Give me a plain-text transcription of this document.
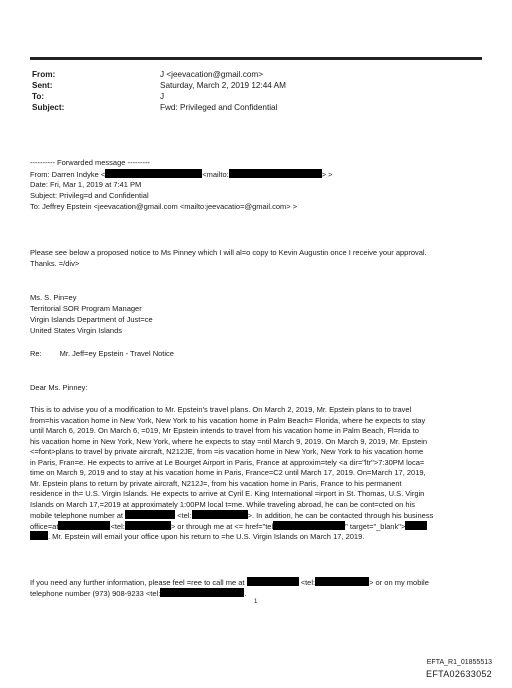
From:	J <jeevacation@gmail.com>
Sent:	Saturday, March 2, 2019 12:44 AM
To:	J
Subject:	Fwd: Privileged and Confidential
---------- Forwarded message ---------
From: Darren Indyke <	<mailto:	> >
Date: Fri, Mar 1, 2019 at 7:41 PM
Subject: Privileg=d and Confidential
To: Jeffrey Epstein <jeevacation@gmail.com <mailto:jeevacatio=@gmail.com> >
Please see below a proposed notice to Ms Pinney which I will al=o copy to Kevin Augustin once I receive your approval.
Thanks. =/div>
Ms. S. Pin=ey
Territorial SOR Program Manager
Virgin Islands Department of Just=ce
United States Virgin Islands
Re: Mr. Jeff=ey Epstein - Travel Notice
Dear Ms. Pinney:
This is to advise you of a modification to Mr. Epstein's travel plans. On March 2, 2019, Mr. Epstein plans to to travel
from=his vacation home in New York, New York to his vacation home in Palm Beach= Florida, where he expects to stay
until March 6, 2019. On March 6, =019, Mr Epstein intends to travel from his vacation home in Palm Beach, Fl=rida to
his vacation home in New York, New York, where he expects to stay =ntil March 9, 2019. On March 9, 2019, Mr. Epstein
<=font>plans to travel by private aircraft, N212JE, from =is vacation home in New York, New York to his vacation home
in Paris, Fran=e. He expects to arrive at Le Bourget Airport in Paris, France at approxim=tely <a dir="ltr">7:30PM loca=
time on March 9, 2019 and to stay at his vacation home in Paris, France=C2 until March 17, 2019. On=March 17, 2019,
Mr. Epstein plans to return by private aircraft, N212J=, from his vacation home in Paris, France to his permanent
residence in th= U.S. Virgin Islands. He expects to arrive at Cyril E. King International =irport in St. Thomas, U.S. Virgin
Islands on March 17,=2019 at approximately 1:00PM local t=me. While traveling abroad, he can be cont=cted on his
mobile telephone number at	<tel:	>. In addition, he can be contacted through his business
office=at	<tel:	> or through me at <= href="tel	" target="_blank">
. Mr. Epstein will email your office upon his return to =he U.S. Virgin Islands on March 17, 2019.
If you need any further information, please feel =ree to call me at	<tel:	> or on my mobile
telephone number (973) 908-9233 <tel:	.
1
EFTA_R1_01855513
EFTA02633052
